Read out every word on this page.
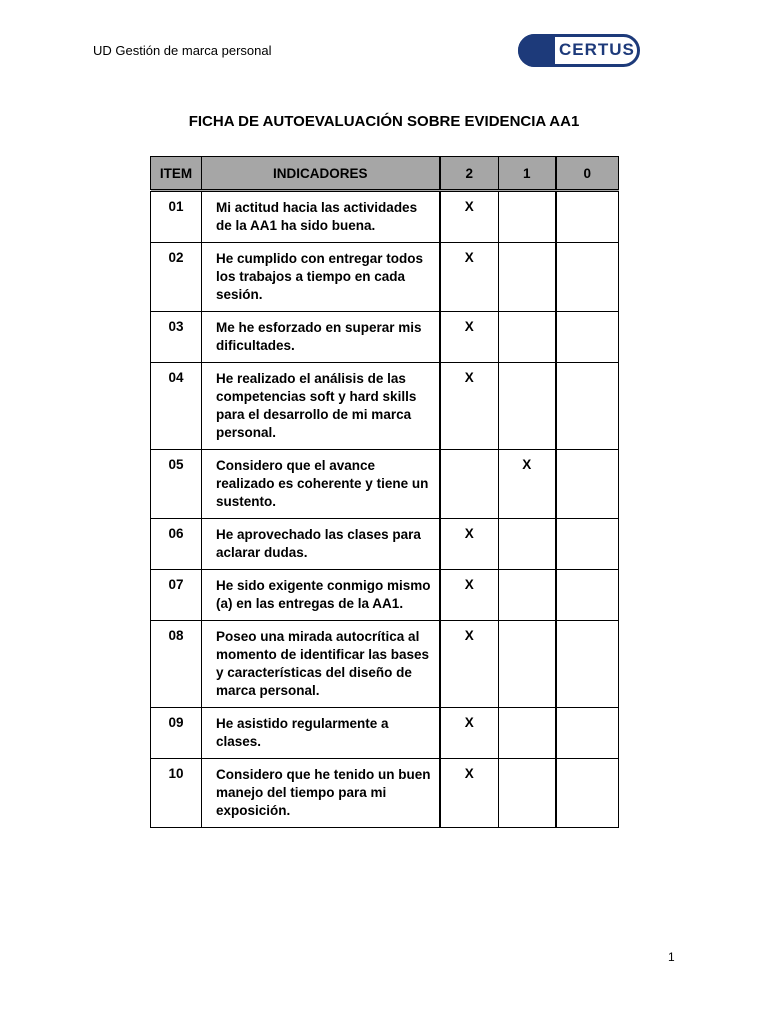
UD Gestión de marca personal	CERTUS
FICHA DE AUTOEVALUACIÓN SOBRE EVIDENCIA AA1
ITEM	INDICADORES	2	1	0
01	Mi actitud hacia las actividades de la AA1 ha sido buena.	X		
02	He cumplido con entregar todos los trabajos a tiempo en cada sesión.	X		
03	Me he esforzado en superar mis dificultades.	X		
04	He realizado el análisis de las competencias soft y hard skills para el desarrollo de mi marca personal.	X		
05	Considero que el avance realizado es coherente y tiene un sustento.		X	
06	He aprovechado las clases para aclarar dudas.	X		
07	He sido exigente conmigo mismo (a) en las entregas de la AA1.	X		
08	Poseo una mirada autocrítica al momento de identificar las bases y características del diseño de marca personal.	X		
09	He asistido regularmente a clases.	X		
10	Considero que he tenido un buen manejo del tiempo para mi exposición.	X		
1
